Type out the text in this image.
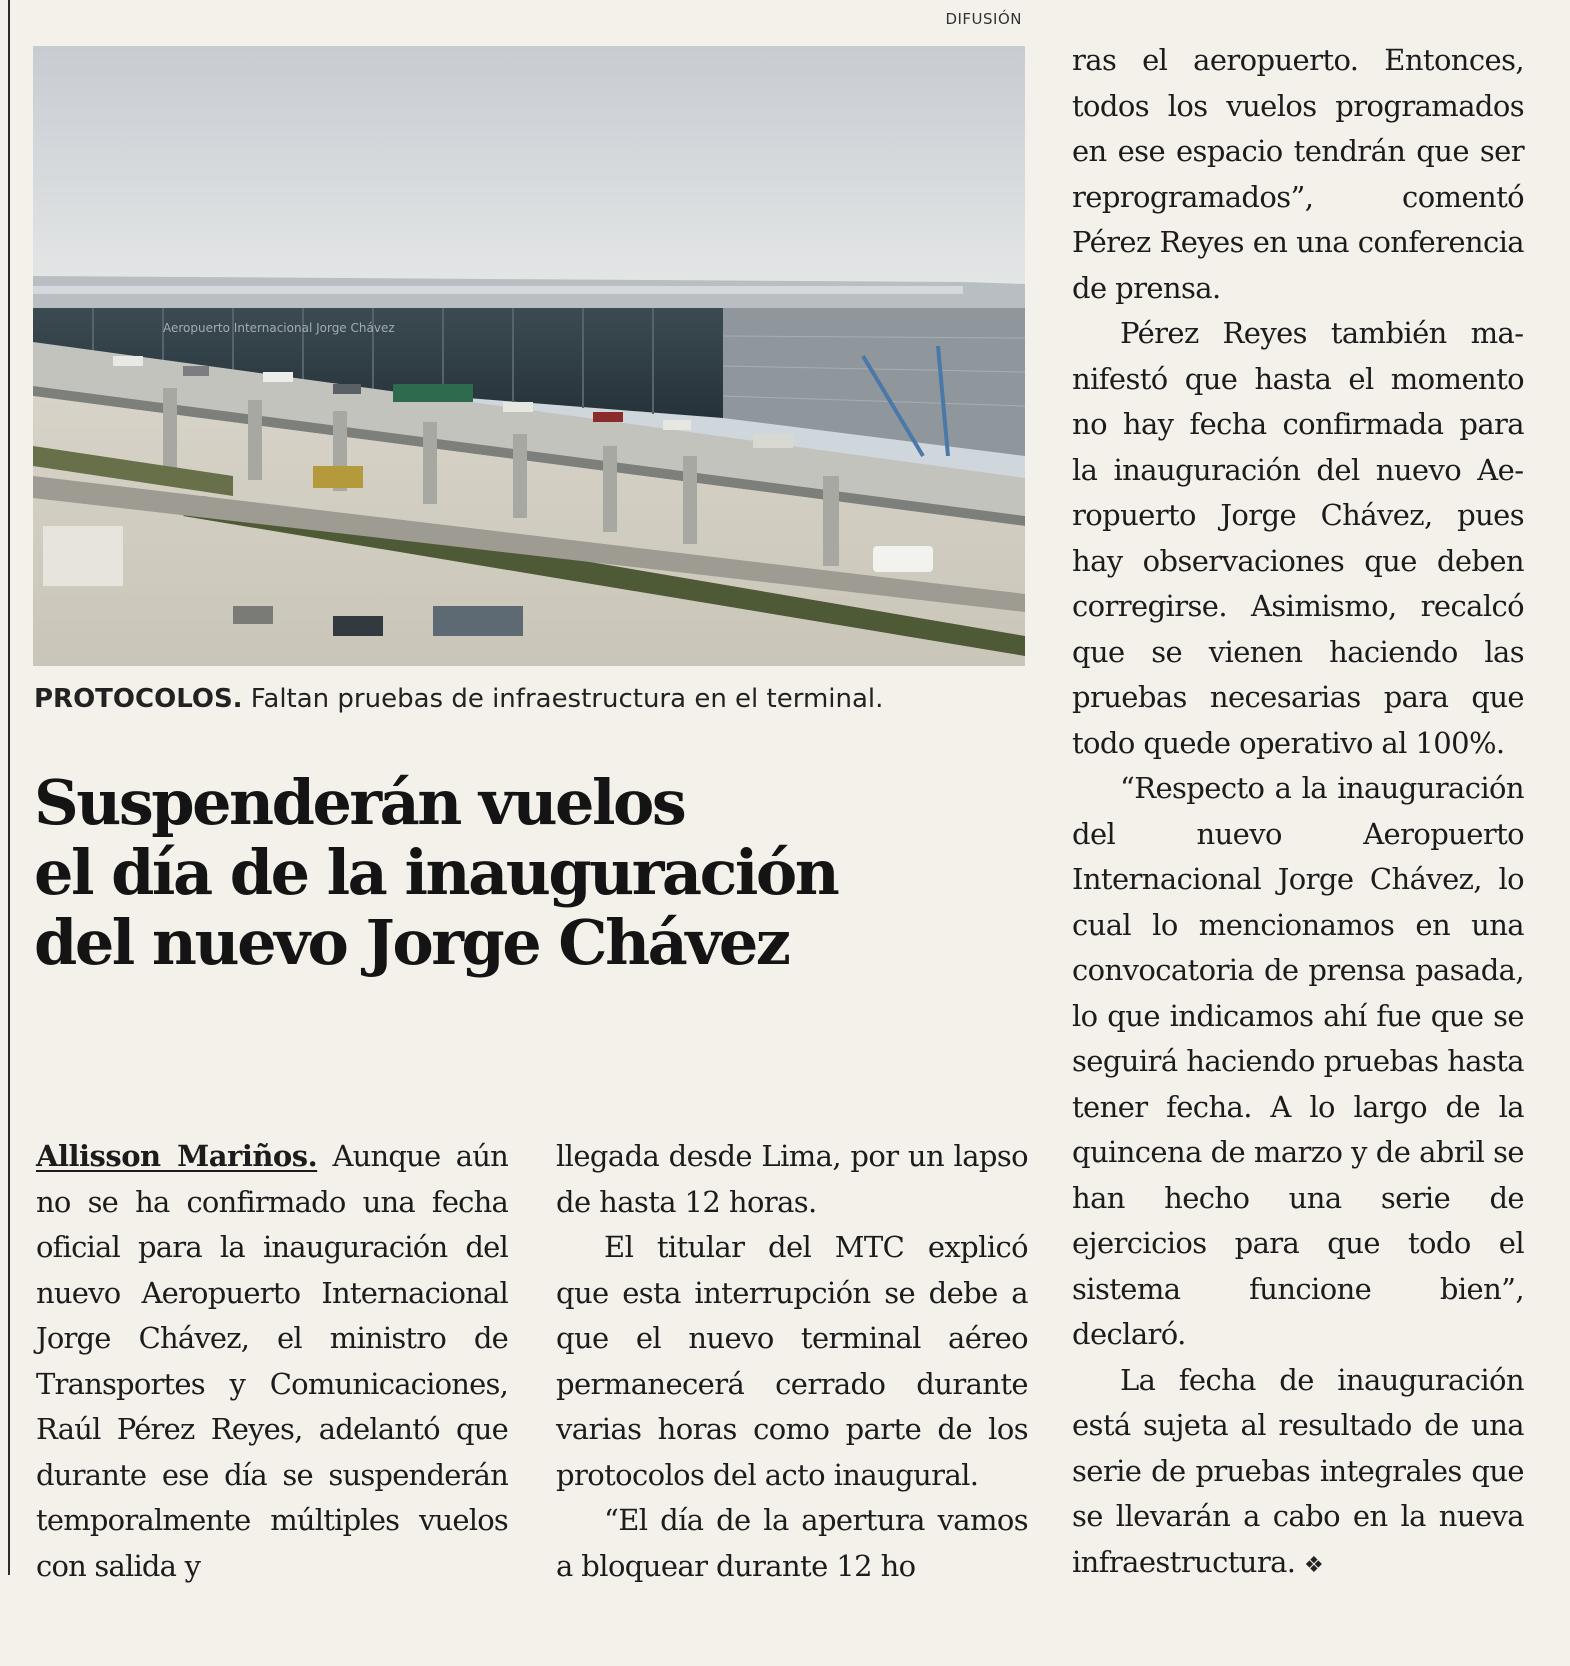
DIFUSIÓN
Aeropuerto Internacional Jorge Chávez
PROTOCOLOS. Faltan pruebas de infraestructura en el terminal.
Suspenderán vuelos
el día de la inauguración
del nuevo Jorge Chávez

Allisson Mariños. Aunque aún no se ha confirmado una fecha oficial para la inauguración del nuevo Aeropuerto Internacional Jorge Chávez, el ministro de Transportes y Comunicaciones, Raúl Pérez Reyes, adelantó que durante ese día se suspenderán temporalmente múltiples vuelos con salida y

llegada desde Lima, por un lapso de hasta 12 horas.

El titular del MTC explicó que esta interrupción se debe a que el nuevo terminal aéreo permanecerá cerrado durante varias horas como parte de los protocolos del acto inaugural.

“El día de la apertura vamos a bloquear durante 12 ho

ras el aeropuerto. Entonces, todos los vuelos programados en ese espacio tendrán que ser reprogramados”, comentó Pérez Reyes en una conferencia de prensa.

Pérez Reyes también manifestó que hasta el momento no hay fecha confirmada para la inauguración del nuevo Aeropuerto Jorge Chávez, pues hay observaciones que deben corregirse. Asimismo, recalcó que se vienen haciendo las pruebas necesarias para que todo quede operativo al 100%.

“Respecto a la inauguración del nuevo Aeropuerto Internacional Jorge Chávez, lo cual lo mencionamos en una convocatoria de prensa pasada, lo que indicamos ahí fue que se seguirá haciendo pruebas hasta tener fecha. A lo largo de la quincena de marzo y de abril se han hecho una serie de ejercicios para que todo el sistema funcione bien”, declaró.

La fecha de inauguración está sujeta al resultado de una serie de pruebas integrales que se llevarán a cabo en la nueva infraestructura. ❖
